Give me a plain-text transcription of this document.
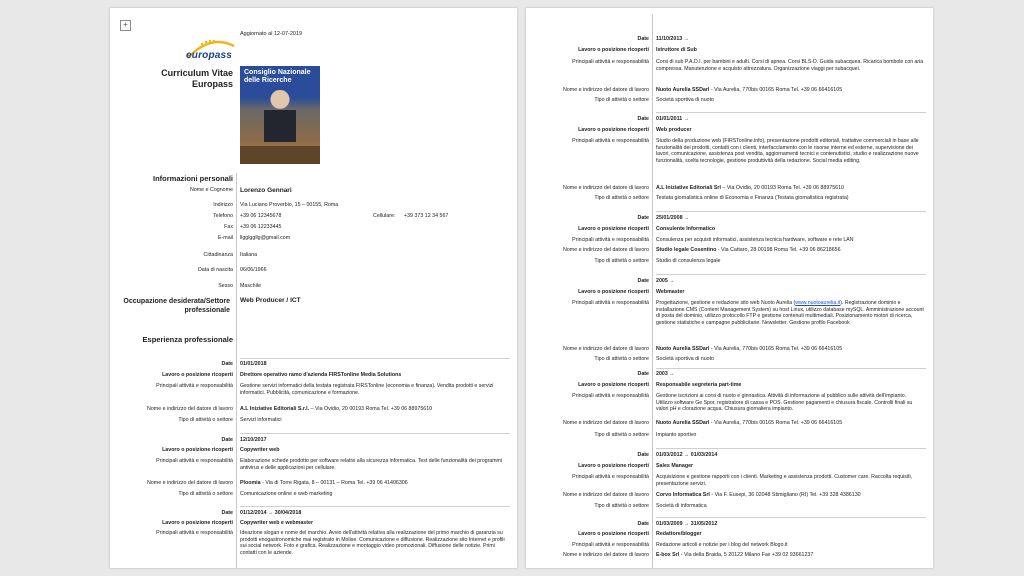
+
europass
Aggiornato al 12-07-2019
Curriculum Vitae
Europass
Consiglio Nazionale delle Ricerche
Informazioni personali
Nome e Cognome Lorenzo Gennari
Indirizzo Via Luciano Proverbio, 15 – 00155, Roma
Telefono +39 06 12345678	Cellulare: +39 373 12 34 567
Fax +39 06 12233445
E-mail llgglggllg@gmail.com
Cittadinanza Italiana
Data di nascita 06/06/1966
Sesso Maschile
Occupazione desiderata/Settore professionale
Web Producer / ICT
Esperienza professionale
Date 01/01/2018
Lavoro o posizione ricoperti Direttore operativo ramo d'azienda FIRSTonline Media Solutions
Principali attività e responsabilità Gestione servizi informatici della testata registrata FIRSTonline (economia e finanza). Vendita prodotti e servizi informatici. Pubblicità, comunicazione e formazione.
Nome e indirizzo del datore di lavoro A.L Iniziative Editoriali S.r.l. – Via Ovidio, 20 00193 Roma Tel. +39 06 88975610
Tipo di attività o settore Servizi informatici
Date 12/10/2017
Lavoro o posizione ricoperti Copywriter web
Principali attività e responsabilità Elaborazione schede prodotto per software relativi alla sicurezza informatica. Test delle funzionalità dei programmi antivirus e delle applicazioni per cellulare.
Nome e indirizzo del datore di lavoro Ploomia - Via di Torre Rigata, 8 – 00131 – Roma Tel. +39 06 41406306
Tipo di attività o settore Comunicazione online e web marketing
Date 01/12/2014 → 30/04/2018
Lavoro o posizione ricoperti Copywriter web e webmaster
Principali attività e responsabilità Ideazione slogan e nome del marchio. Avvio dell'attività relativa alla realizzazione del primo marchio di garanzia su prodotti enogastronomiche mai registrato in Molise. Comunicazione e diffusione. Realizzazione sito Internet e profili sui social network. Foto e grafica. Realizzazione e montaggio video promozionali. Diffusione delle notizie. Primi contatti con le aziende.
Date 11/10/2013 →
Lavoro o posizione ricoperti Istruttore di Sub
Principali attività e responsabilità Corsi di sub P.A.D.I. per bambini e adulti. Corsi di apnea. Corsi BLS-D. Guida subacquea. Ricarica bombole con aria compressa. Manutenzione e acquisto attrezzatura. Organizzazione viaggi per subacquei.
Nome e indirizzo del datore di lavoro Nuoto Aurelia SSDarl - Via Aurelia, 770bis 00165 Roma Tel. +39 06 66416105
Tipo di attività o settore Società sportiva di nuoto
Date 01/01/2011 →
Lavoro o posizione ricoperti Web producer
Principali attività e responsabilità Studio della produzione web (FIRSTonline.info), presentazione prodotti editoriali, trattative commerciali in base alle funzionalità dei prodotti, contatti con i clienti, interfacciamento con le risorse interne ed esterne, supervisione dei lavori, comunicazione, assistenza post vendita, aggiornamenti tecnici e contenutistici, studio e realizzazione nuove funzionalità, scelta tecnologie, gestione produttività della redazione. Social media editing.
Nome e indirizzo del datore di lavoro A.L Iniziative Editoriali Srl – Via Ovidio, 20 00193 Roma Tel. +39 06 88975610
Tipo di attività o settore Testata giornalistica online di Economia e Finanza (Testata giornalistica registrata)
Date 25/01/2008 →
Lavoro o posizione ricoperti Consulente Informatico
Principali attività e responsabilità Consulenza per acquisti informatici, assistenza tecnica hardware, software e rete LAN
Nome e indirizzo del datore di lavoro Studio legale Cosentino - Via Cattaro, 28 00198 Roma Tel. +39 06 86218656
Tipo di attività o settore Studio di consulenza legale
Date 2005 →
Lavoro o posizione ricoperti Webmaster
Principali attività e responsabilità Progettazione, gestione e redazione sito web Nuoto Aurelia (www.nuotoaurelia.it). Registrazione dominio e installazione CMS (Content Management System) su host Linux, utilizzo database mySQL. Amministrazione account di posta del dominio, utilizzo protocollo FTP e gestione contenuti multimediali. Posizionamento motori di ricerca, gestione statistiche e campagne pubblicitarie. Newsletter. Gestione profilo Facebook
Nome e indirizzo del datore di lavoro Nuoto Aurelia SSDarl - Via Aurelia, 770bis 00165 Roma Tel. +39 06 66416105
Tipo di attività o settore Società sportiva di nuoto
Date 2003 →
Lavoro o posizione ricoperti Responsabile segreteria part-time
Principali attività e responsabilità Gestione iscrizioni ai corsi di nuoto e ginnastica. Attività di informazione al pubblico sulle attività dell'impianto. Utilizzo software Ge Spor, registratore di cassa e POS. Gestione pagamenti e chiusura fiscale. Controlli finali su valori pH e clorazione acqua. Chiusura giornaliera impianto.
Nome e indirizzo del datore di lavoro Nuoto Aurelia SSDarl - Via Aurelia, 770bis 00165 Roma Tel. +39 06 66416105
Tipo di attività o settore Impianto sportivo
Date 01/03/2012 → 01/03/2014
Lavoro o posizione ricoperti Sales Manager
Principali attività e responsabilità Acquisizione e gestione rapporti con i clienti. Marketing e assistenza prodotti. Customer care. Raccolta requisiti, presentazione servizi.
Nome e indirizzo del datore di lavoro Corvo Informatica Srl - Via F. Eusepi, 36 02048 Stimigliano (RI) Tel. +39 328 4386130
Tipo di attività o settore Società di informatica
Date 01/03/2009 → 31/05/2012
Lavoro o posizione ricoperti Redattore/blogger
Principali attività e responsabilità Redazione articoli e notizie per i blog del network Blogo.it
Nome e indirizzo del datore di lavoro E-box Srl - Via della Braida, 5 20122 Milano Fax +39 02 93661237
